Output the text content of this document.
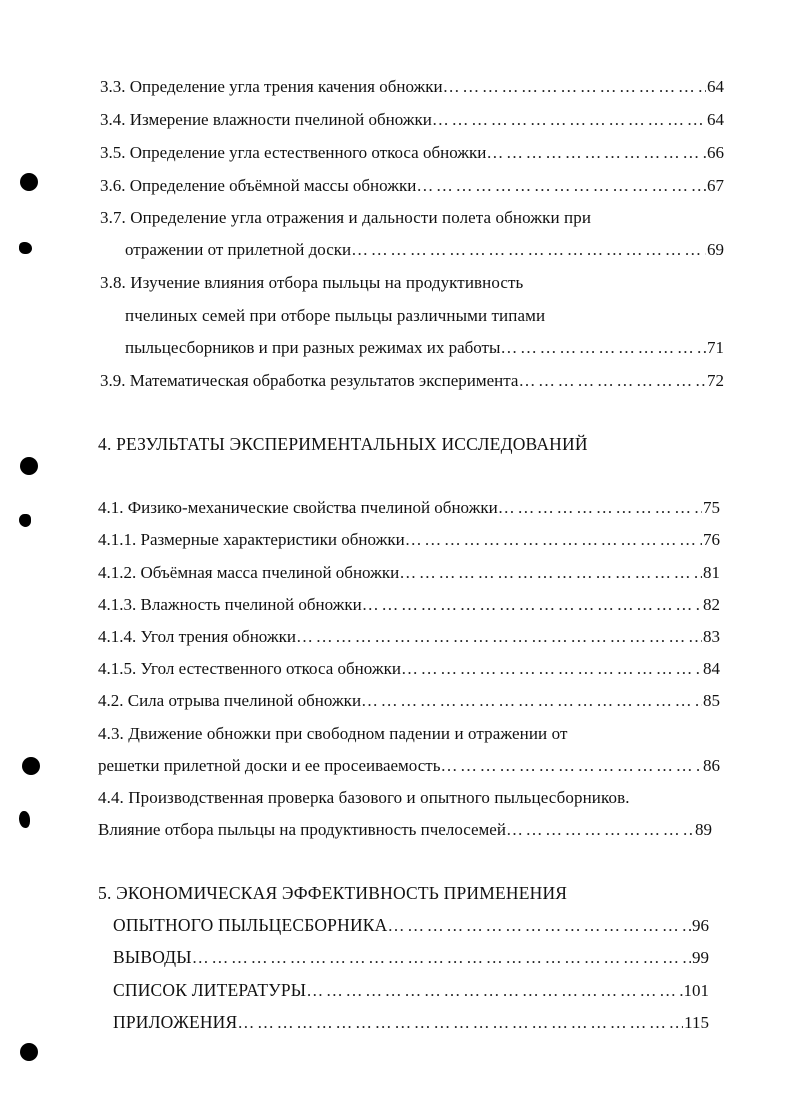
3.3. Определение угла трения качения обножки ……………………………………………………………………………………………………………………………………………………	64
3.4. Измерение влажности пчелиной обножки ……………………………………………………………………………………………………………………………………………………	64
3.5. Определение угла естественного откоса обножки ……………………………………………………………………………………………………………………………………………………	66
3.6. Определение объёмной массы обножки ……………………………………………………………………………………………………………………………………………………	67
3.7. Определение угла отражения и дальности полета обножки при
отражении от прилетной доски ……………………………………………………………………………………………………………………………………………………	69
3.8. Изучение влияния отбора пыльцы на продуктивность
пчелиных семей при отборе пыльцы различными типами
пыльцесборников и при разных режимах их работы ……………………………………………………………………………………………………………………………………………………	71
3.9. Математическая обработка результатов эксперимента ……………………………………………………………………………………………………………………………………………………	72
4. РЕЗУЛЬТАТЫ ЭКСПЕРИМЕНТАЛЬНЫХ ИССЛЕДОВАНИЙ
4.1. Физико-механические свойства пчелиной обножки ……………………………………………………………………………………………………………………………………………………	75
4.1.1. Размерные характеристики обножки ……………………………………………………………………………………………………………………………………………………	76
4.1.2. Объёмная масса пчелиной обножки ……………………………………………………………………………………………………………………………………………………	81
4.1.3. Влажность пчелиной обножки ……………………………………………………………………………………………………………………………………………………	82
4.1.4. Угол трения обножки ……………………………………………………………………………………………………………………………………………………	83
4.1.5. Угол естественного откоса обножки ……………………………………………………………………………………………………………………………………………………	84
4.2. Сила отрыва пчелиной обножки ……………………………………………………………………………………………………………………………………………………	85
4.3. Движение обножки при свободном падении и отражении от
решетки прилетной доски и ее просеиваемость ……………………………………………………………………………………………………………………………………………………	86
4.4. Производственная проверка базового и опытного пыльцесборников.
Влияние отбора пыльцы на продуктивность пчелосемей ……………………………………………………………………………………………………………………………………………………	89
5. ЭКОНОМИЧЕСКАЯ ЭФФЕКТИВНОСТЬ ПРИМЕНЕНИЯ
ОПЫТНОГО ПЫЛЬЦЕСБОРНИКА ……………………………………………………………………………………………………………………………………………………	96
ВЫВОДЫ ……………………………………………………………………………………………………………………………………………………	99
СПИСОК ЛИТЕРАТУРЫ ……………………………………………………………………………………………………………………………………………………	101
ПРИЛОЖЕНИЯ ……………………………………………………………………………………………………………………………………………………	115
